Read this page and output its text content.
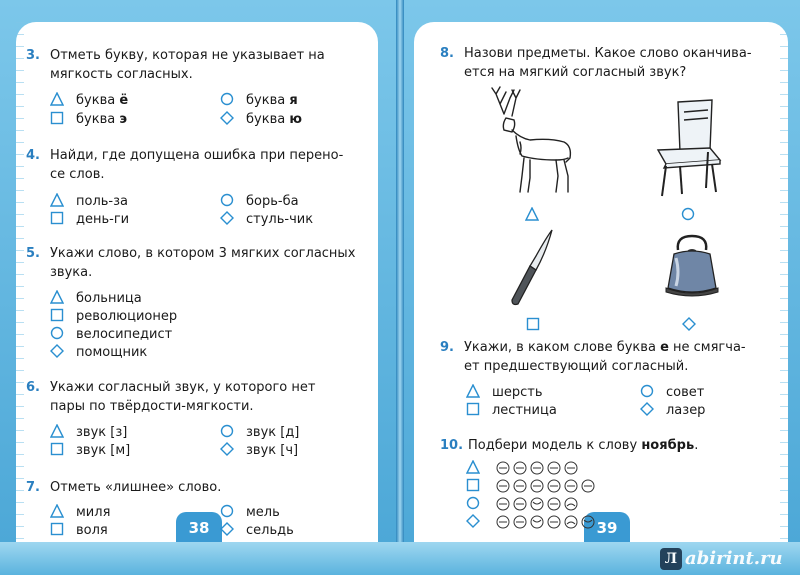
38
3. Отметь букву, которая не указывает на
мягкость согласных.
буква ё	буква я
буква э	буква ю
4. Найди, где допущена ошибка при перено-
се слов.
поль-за	борь-ба
день-ги	стуль-чик
5. Укажи слово, в котором 3 мягких согласных
звука.
больница
революционер
велосипедист
помощник
6. Укажи согласный звук, у которого нет
пары по твёрдости-мягкости.
звук [з]	звук [д]
звук [м]	звук [ч]
7. Отметь «лишнее» слово.
миля	мель
воля	сельдь	39
8. Назови предметы. Какое слово оканчива-
ется на мягкий согласный звук?
9. Укажи, в каком слове буква е не смягча-
ет предшествующий согласный.
шерсть	совет
лестница	лазер
10. Подбери модель к слову ноябрь.

Л abirint.ru
